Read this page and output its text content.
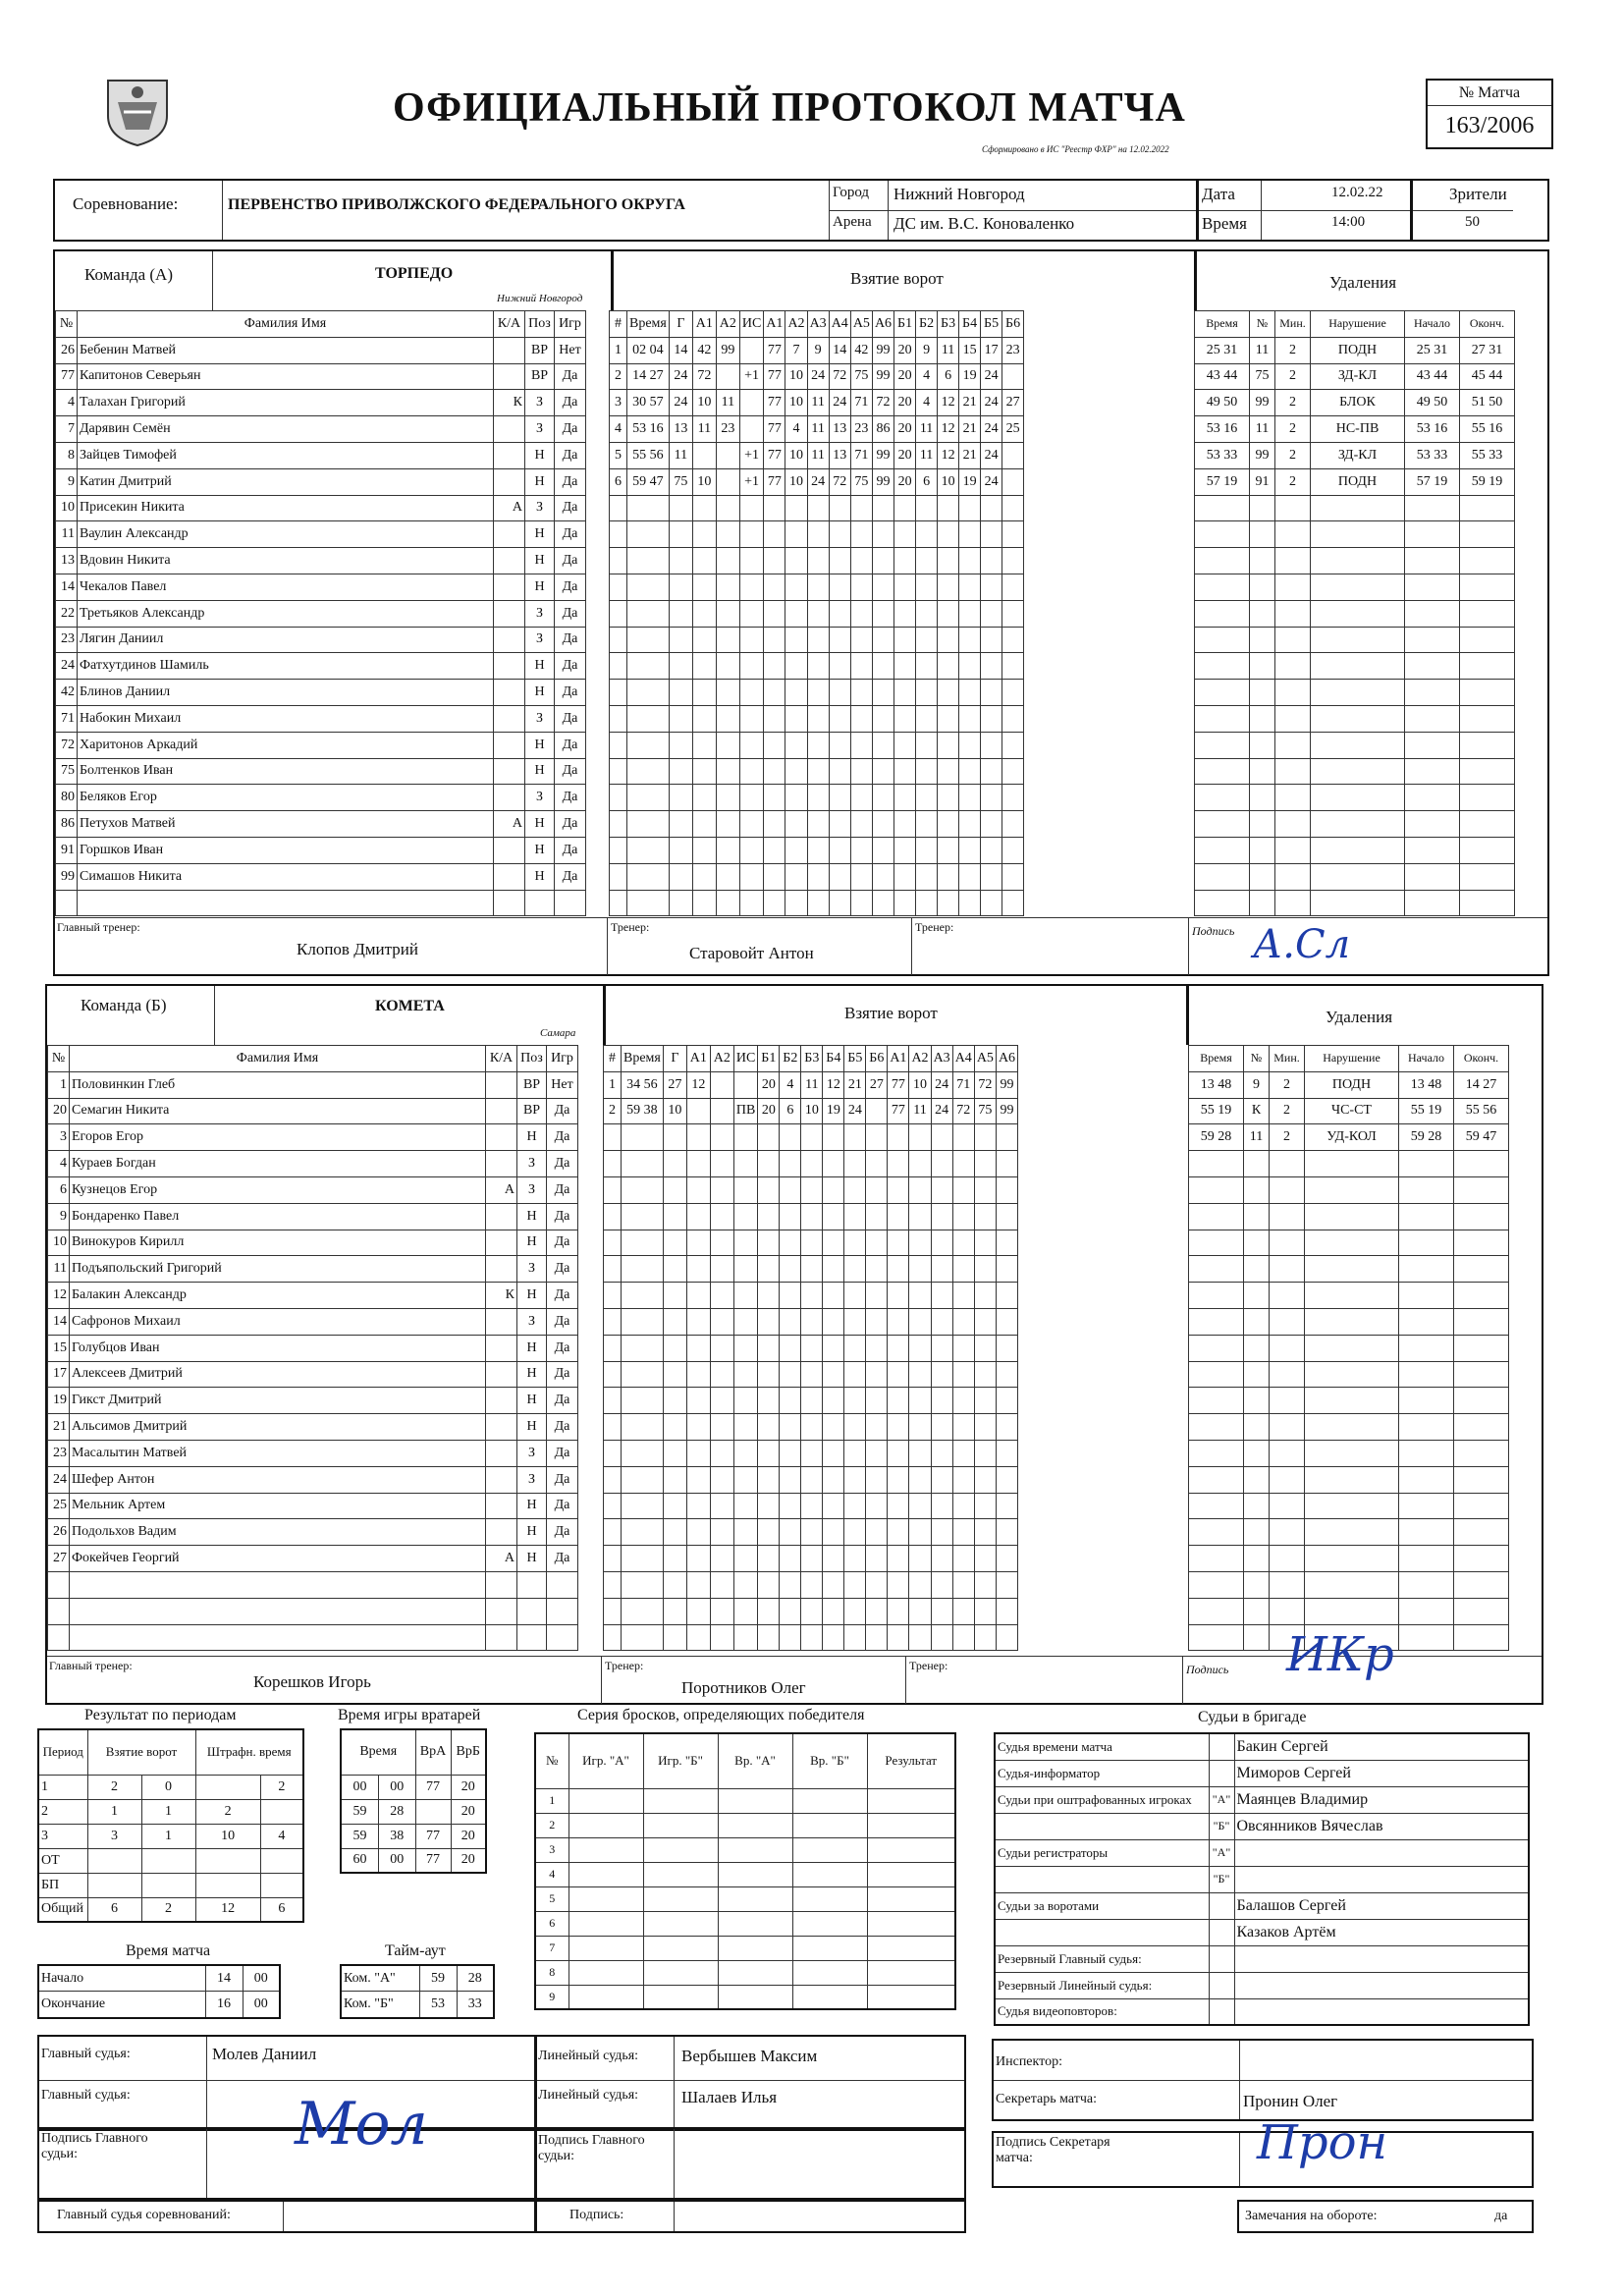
ОФИЦИАЛЬНЫЙ ПРОТОКОЛ МАТЧА
Сформировано в ИС "Реестр ФХР" на 12.02.2022
№ Матча
163/2006
Соревнование:	ПЕРВЕНСТВО ПРИВОЛЖСКОГО ФЕДЕРАЛЬНОГО ОКРУГА
Город Нижний Новгород
Арена ДС им. В.С. Коноваленко
Дата	12.02.22
Время	14:00
Зрители
50
Команда (А)	ТОРПЕДО
Нижний Новгород
Взятие ворот	Удаления
№	Фамилия Имя	К/А	Поз	Игр
26	Бебенин Матвей		ВР	Нет
77	Капитонов Северьян		ВР	Да
4	Талахан Григорий	К	З	Да
7	Дарявин Семён		З	Да
8	Зайцев Тимофей		Н	Да
9	Катин Дмитрий		Н	Да
10	Присекин Никита	А	З	Да
11	Ваулин Александр		Н	Да
13	Вдовин Никита		Н	Да
14	Чекалов Павел		Н	Да
22	Третьяков Александр		З	Да
23	Лягин Даниил		З	Да
24	Фатхутдинов Шамиль		Н	Да
42	Блинов Даниил		Н	Да
71	Набокин Михаил		З	Да
72	Харитонов Аркадий		Н	Да
75	Болтенков Иван		Н	Да
80	Беляков Егор		З	Да
86	Петухов Матвей	А	Н	Да
91	Горшков Иван		Н	Да
99	Симашов Никита		Н	Да

#	Время	Г	А1	А2	ИС	А1	А2	А3	А4	А5	А6	Б1	Б2	Б3	Б4	Б5	Б6
1	02 04	14	42	99		77	7	9	14	42	99	20	9	11	15	17	23
2	14 27	24	72		+1	77	10	24	72	75	99	20	4	6	19	24	
3	30 57	24	10	11		77	10	11	24	71	72	20	4	12	21	24	27
4	53 16	13	11	23		77	4	11	13	23	86	20	11	12	21	24	25
5	55 56	11			+1	77	10	11	13	71	99	20	11	12	21	24	
6	59 47	75	10		+1	77	10	24	72	75	99	20	6	10	19	24	

Время	№	Мин.	Нарушение	Начало	Оконч.
25 31	11	2	ПОДН	25 31	27 31
43 44	75	2	ЗД-КЛ	43 44	45 44
49 50	99	2	БЛОК	49 50	51 50
53 16	11	2	НС-ПВ	53 16	55 16
53 33	99	2	ЗД-КЛ	53 33	55 33
57 19	91	2	ПОДН	57 19	59 19

Главный тренер:
Клопов Дмитрий
Тренер:
Старовойт Антон
Тренер:	Подпись А.Сл
Команда (Б)	КОМЕТА
Самара
Взятие ворот	Удаления
№	Фамилия Имя	К/А	Поз	Игр
1	Половинкин Глеб		ВР	Нет
20	Семагин Никита		ВР	Да
3	Егоров Егор		Н	Да
4	Кураев Богдан		З	Да
6	Кузнецов Егор	А	З	Да
9	Бондаренко Павел		Н	Да
10	Винокуров Кирилл		Н	Да
11	Подъяпольский Григорий		З	Да
12	Балакин Александр	К	Н	Да
14	Сафронов Михаил		З	Да
15	Голубцов Иван		Н	Да
17	Алексеев Дмитрий		Н	Да
19	Гикст Дмитрий		Н	Да
21	Альсимов Дмитрий		Н	Да
23	Масалытин Матвей		З	Да
24	Шефер Антон		З	Да
25	Мельник Артем		Н	Да
26	Подольхов Вадим		Н	Да
27	Фокейчев Георгий	А	Н	Да

#	Время	Г	А1	А2	ИС	Б1	Б2	Б3	Б4	Б5	Б6	А1	А2	А3	А4	А5	А6
1	34 56	27	12			20	4	11	12	21	27	77	10	24	71	72	99
2	59 38	10			ПВ	20	6	10	19	24		77	11	24	72	75	99

Время	№	Мин.	Нарушение	Начало	Оконч.
13 48	9	2	ПОДН	13 48	14 27
55 19	К	2	ЧС-СТ	55 19	55 56
59 28	11	2	УД-КОЛ	59 28	59 47

Главный тренер:
Корешков Игорь
Тренер:
Поротников Олег
Тренер:	Подпись ИКр
Результат по периодам
Период	Взятие ворот		Штрафн. время	
1	2	0		2
2	1	1	2	
3	3	1	10	4
ОТ				
БП				
Общий	6	2	12	6
Время игры вратарей
Время		ВрА	ВрБ
00	00	77	20
59	28		20
59	38	77	20
60	00	77	20
Время матча
Начало	14	00
Окончание	16	00
Тайм-аут
Ком. "А"	59	28
Ком. "Б"	53	33
Серия бросков, определяющих победителя
№	Игр. "А"	Игр. "Б"	Вр. "А"	Вр. "Б"	Результат
1					
2					
3					
4					
5					
6					
7					
8					
9					
Судьи в бригаде
Судья времени матча		Бакин Сергей
Судья-информатор		Миморов Сергей
Судьи при оштрафованных игроках	"А"	Маянцев Владимир
	"Б"	Овсянников Вячеслав
Судьи регистраторы	"А"	
	"Б"	
Судьи за воротами		Балашов Сергей
		Казаков Артём
Резервный Главный судья:		
Резервный Линейный судья:		
Судья видеоповторов:		
Главный судья:	Молев Даниил
Главный судья:
Линейный судья:	Вербышев Максим
Линейный судья:	Шалаев Илья
Подпись Главного судьи:	Мол	Подпись Главного судьи:
Главный судья соревнований:	Подпись:
Инспектор:
Секретарь матча:	Пронин Олег
Подпись Секретаря матча:	Прон
Замечания на обороте:	да
